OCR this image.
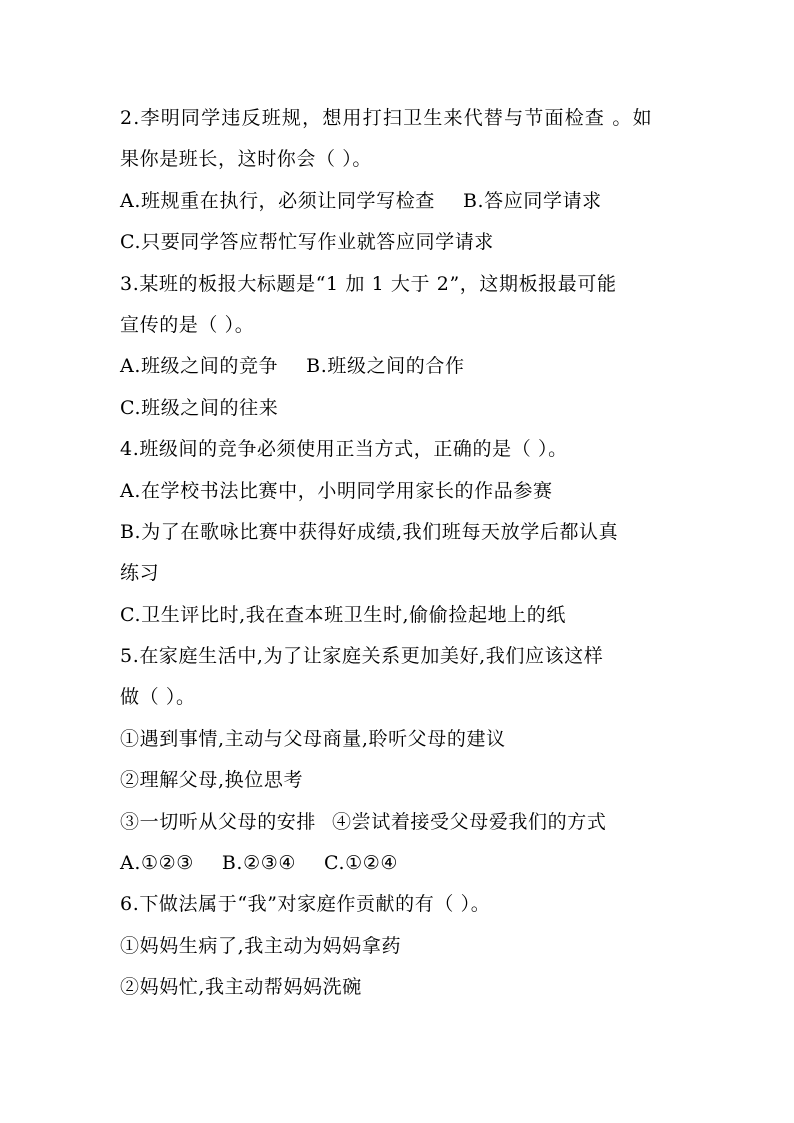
2.李明同学违反班规，想用打扫卫生来代替与节面检查 。如
果你是班长，这时你会（ ）。
A.班规重在执行，必须让同学写检查 B.答应同学请求
C.只要同学答应帮忙写作业就答应同学请求
3.某班的板报大标题是“1 加 1 大于 2”，这期板报最可能
宣传的是（ ）。
A.班级之间的竞争 B.班级之间的合作
C.班级之间的往来
4.班级间的竞争必须使用正当方式，正确的是（ ）。
A.在学校书法比赛中，小明同学用家长的作品参赛
B.为了在歌咏比赛中获得好成绩,我们班每天放学后都认真
练习
C.卫生评比时,我在查本班卫生时,偷偷捡起地上的纸
5.在家庭生活中,为了让家庭关系更加美好,我们应该这样
做（ ）。
①遇到事情,主动与父母商量,聆听父母的建议
②理解父母,换位思考
③一切听从父母的安排 ④尝试着接受父母爱我们的方式
A.①②③ B.②③④ C.①②④
6.下做法属于“我”对家庭作贡献的有（ ）。
①妈妈生病了,我主动为妈妈拿药
②妈妈忙,我主动帮妈妈洗碗
